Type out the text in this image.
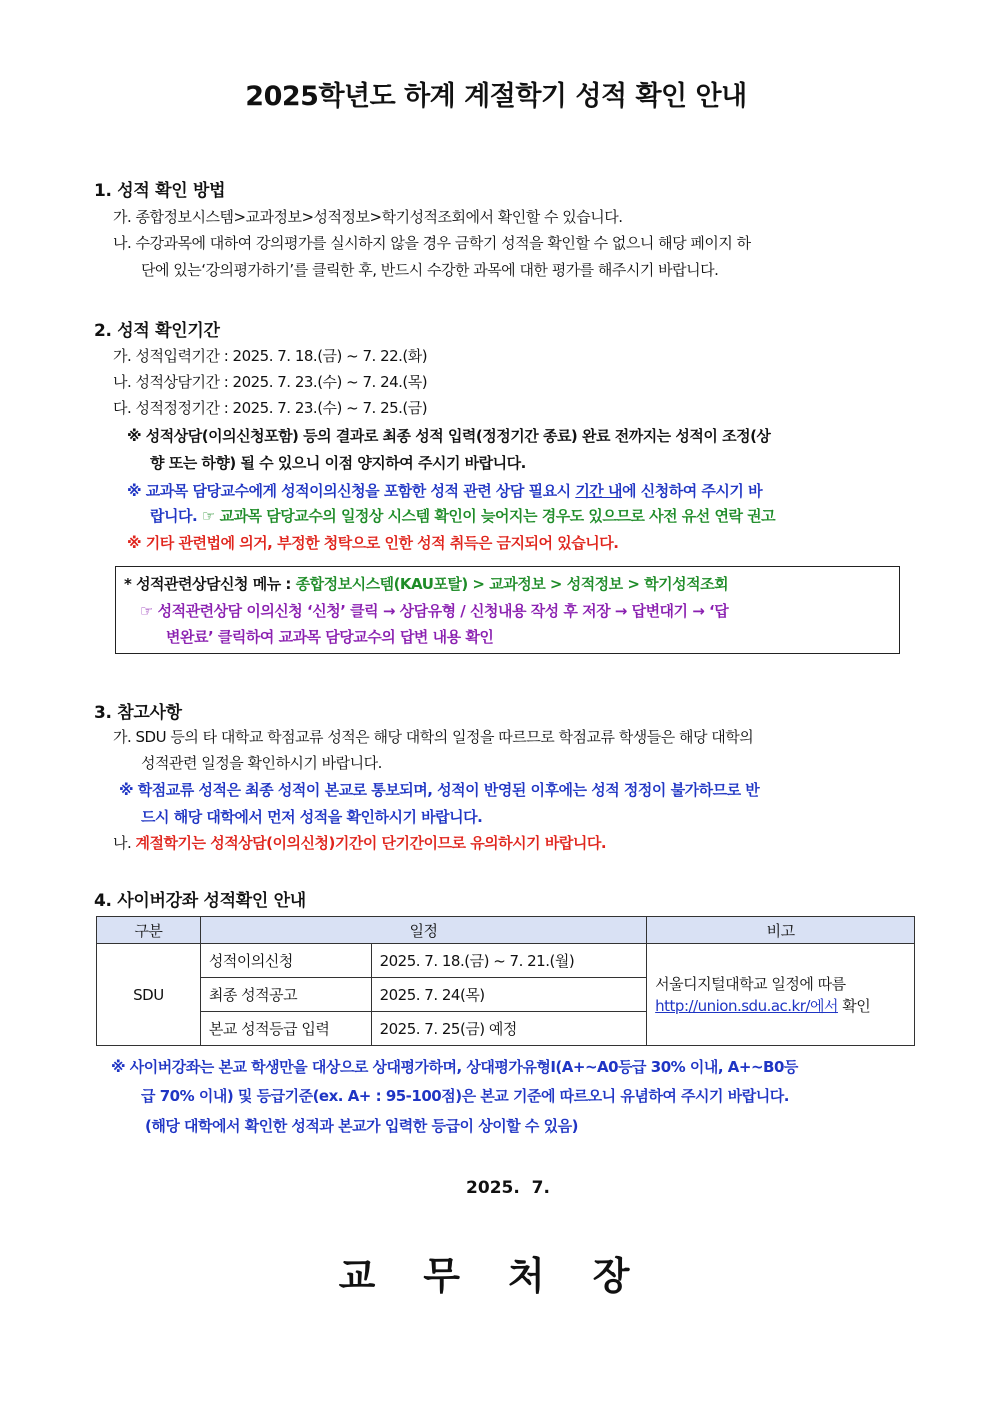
2025학년도 하계 계절학기 성적 확인 안내
1. 성적 확인 방법
가. 종합정보시스템>교과정보>성적정보>학기성적조회에서 확인할 수 있습니다.
나. 수강과목에 대하여 강의평가를 실시하지 않을 경우 금학기 성적을 확인할 수 없으니 해당 페이지 하
단에 있는‘강의평가하기’를 클릭한 후, 반드시 수강한 과목에 대한 평가를 해주시기 바랍니다.
2. 성적 확인기간
가. 성적입력기간 : 2025. 7. 18.(금) ~ 7. 22.(화)
나. 성적상담기간 : 2025. 7. 23.(수) ~ 7. 24.(목)
다. 성적정정기간 : 2025. 7. 23.(수) ~ 7. 25.(금)
※ 성적상담(이의신청포함) 등의 결과로 최종 성적 입력(정정기간 종료) 완료 전까지는 성적이 조정(상
향 또는 하향) 될 수 있으니 이점 양지하여 주시기 바랍니다.
※ 교과목 담당교수에게 성적이의신청을 포함한 성적 관련 상담 필요시 기간 내에 신청하여 주시기 바
랍니다. ☞ 교과목 담당교수의 일정상 시스템 확인이 늦어지는 경우도 있으므로 사전 유선 연락 권고
※ 기타 관련법에 의거, 부정한 청탁으로 인한 성적 취득은 금지되어 있습니다.
* 성적관련상담신청 메뉴 : 종합정보시스템(KAU포탈) > 교과정보 > 성적정보 > 학기성적조회
☞ 성적관련상담 이의신청 ‘신청’ 클릭 → 상담유형 / 신청내용 작성 후 저장 → 답변대기 → ‘답
변완료’ 클릭하여 교과목 담당교수의 답변 내용 확인
3. 참고사항
가. SDU 등의 타 대학교 학점교류 성적은 해당 대학의 일정을 따르므로 학점교류 학생들은 해당 대학의
성적관련 일정을 확인하시기 바랍니다.
※ 학점교류 성적은 최종 성적이 본교로 통보되며, 성적이 반영된 이후에는 성적 정정이 불가하므로 반
드시 해당 대학에서 먼저 성적을 확인하시기 바랍니다.
나. 계절학기는 성적상담(이의신청)기간이 단기간이므로 유의하시기 바랍니다.
4. 사이버강좌 성적확인 안내
구분	일정		비고
SDU	성적이의신청	2025. 7. 18.(금) ~ 7. 21.(월)	서울디지털대학교 일정에 따름
http://union.sdu.ac.kr/에서 확인

	최종 성적공고	2025. 7. 24(목)	
	본교 성적등급 입력	2025. 7. 25(금) 예정	
※ 사이버강좌는 본교 학생만을 대상으로 상대평가하며, 상대평가유형Ⅰ(A+~A0등급 30% 이내, A+~B0등
급 70% 이내) 및 등급기준(ex. A+ : 95-100점)은 본교 기준에 따르오니 유념하여 주시기 바랍니다.
(해당 대학에서 확인한 성적과 본교가 입력한 등급이 상이할 수 있음)
2025.  7.
교무처장
